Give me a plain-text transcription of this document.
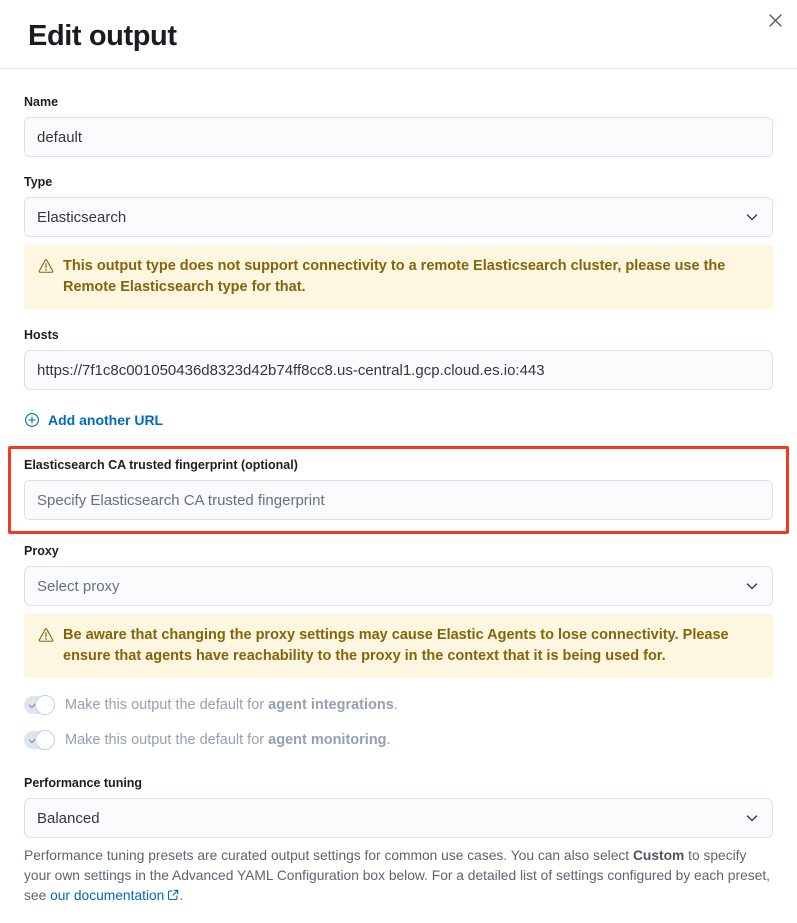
Edit output
Name
default
Type
Elasticsearch
This output type does not support connectivity to a remote Elasticsearch cluster, please use the Remote Elasticsearch type for that.
Hosts
https://7f1c8c001050436d8323d42b74ff8cc8.us-central1.gcp.cloud.es.io:443
Add another URL
Elasticsearch CA trusted fingerprint (optional)
Specify Elasticsearch CA trusted fingerprint
Proxy
Select proxy
Be aware that changing the proxy settings may cause Elastic Agents to lose connectivity. Please ensure that agents have reachability to the proxy in the context that it is being used for.
Make this output the default for agent integrations.
Make this output the default for agent monitoring.
Performance tuning
Balanced

Performance tuning presets are curated output settings for common use cases. You can also select Custom to specify your own settings in the Advanced YAML Configuration box below. For a detailed list of settings configured by each preset, see our documentation .
